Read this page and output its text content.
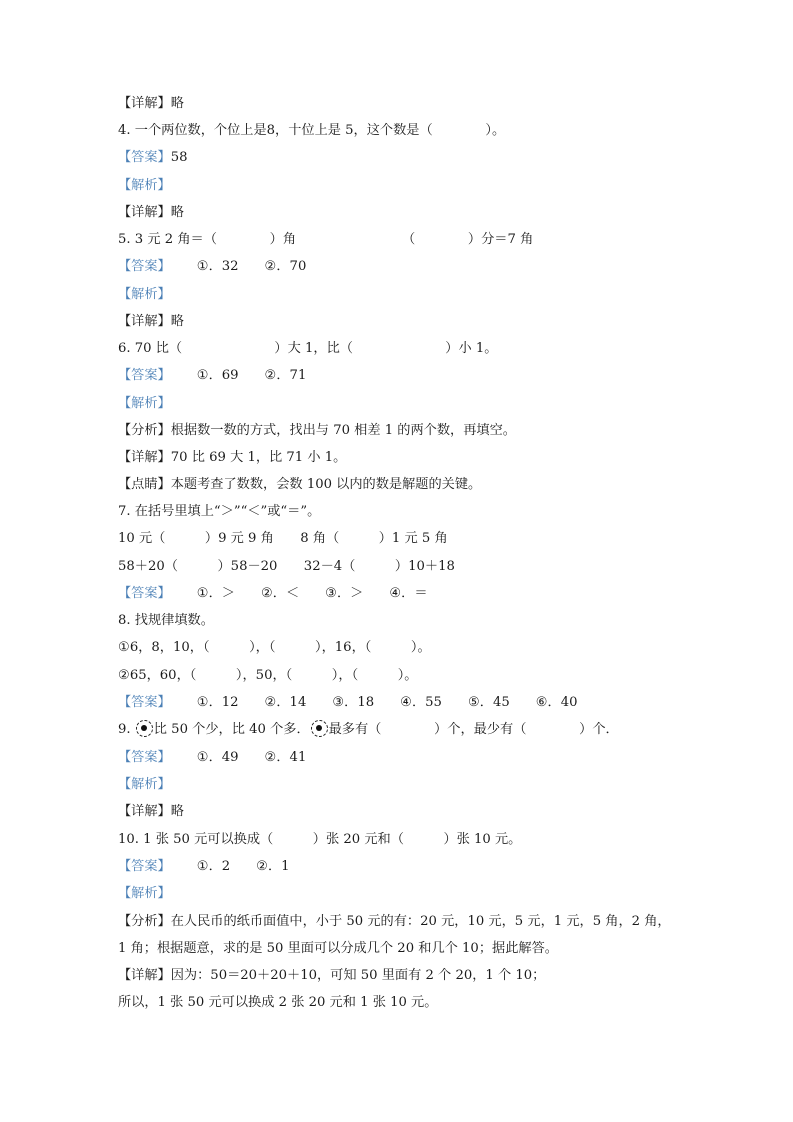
【详解】略
4. 一个两位数，个位上是8，十位上是 5，这个数是（　　　　）。
【答案】58
【解析】
【详解】略
5. 3 元 2 角＝（　　　　）角	（　　　　）分＝7 角
【答案】 ①．32 ②．70
【解析】
【详解】略
6. 70 比（　　　　　　　）大 1，比（　　　　　　　）小 1。
【答案】 ①．69 ②．71
【解析】
【分析】根据数一数的方式，找出与 70 相差 1 的两个数，再填空。
【详解】70 比 69 大 1，比 71 小 1。
【点睛】本题考查了数数，会数 100 以内的数是解题的关键。
7. 在括号里填上“＞”“＜”或“＝”。
10 元（　　　）9 元 9 角　　8 角（　　　）1 元 5 角
58＋20（　　　）58－20　　32－4（　　　）10＋18
【答案】 ①．＞ ②．＜ ③．＞ ④．＝
8. 找规律填数。
①6，8，10，（　　　），（　　　），16，（　　　）。
②65，60，（　　　），50，（　　　），（　　　）。
【答案】 ①．12 ②．14 ③．18 ④．55 ⑤．45 ⑥．40
9. 比 50 个少，比 40 个多． 最多有（　　　　）个，最少有（　　　　）个．
【答案】 ①．49 ②．41
【解析】
【详解】略
10. 1 张 50 元可以换成（　　　）张 20 元和（　　　）张 10 元。
【答案】 ①．2 ②．1
【解析】
【分析】在人民币的纸币面值中，小于 50 元的有：20 元，10 元，5 元，1 元，5 角，2 角，
1 角；根据题意，求的是 50 里面可以分成几个 20 和几个 10；据此解答。
【详解】因为：50＝20＋20＋10，可知 50 里面有 2 个 20，1 个 10；
所以，1 张 50 元可以换成 2 张 20 元和 1 张 10 元。
